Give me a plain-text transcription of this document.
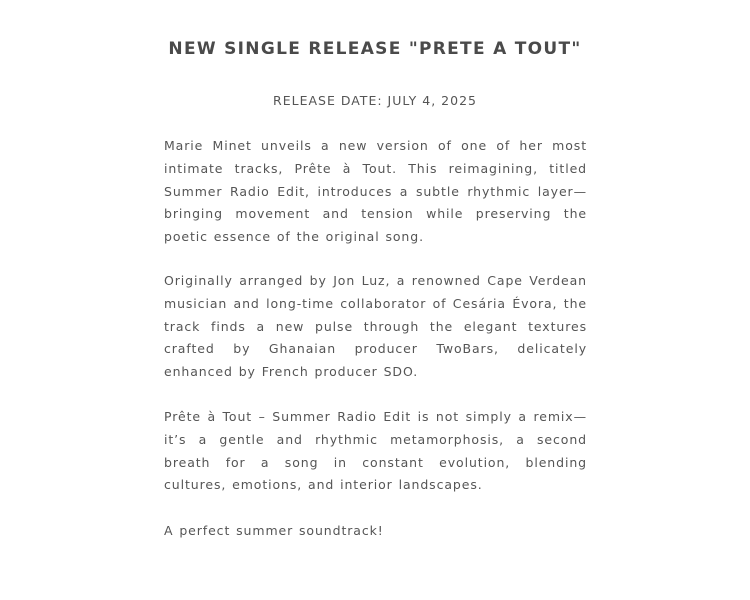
NEW SINGLE RELEASE "PRETE A TOUT"

RELEASE DATE: JULY 4, 2025

Marie Minet unveils a new version of one of her most intimate tracks, Prête à Tout. This reimagining, titled Summer Radio Edit, introduces a subtle rhythmic layer—bringing movement and tension while preserving the poetic essence of the original song.

Originally arranged by Jon Luz, a renowned Cape Verdean musician and long-time collaborator of Cesária Évora, the track finds a new pulse through the elegant textures crafted by Ghanaian producer TwoBars, delicately enhanced by French producer SDO.

Prête à Tout – Summer Radio Edit is not simply a remix—it’s a gentle and rhythmic metamorphosis, a second breath for a song in constant evolution, blending cultures, emotions, and interior landscapes.

A perfect summer soundtrack!
